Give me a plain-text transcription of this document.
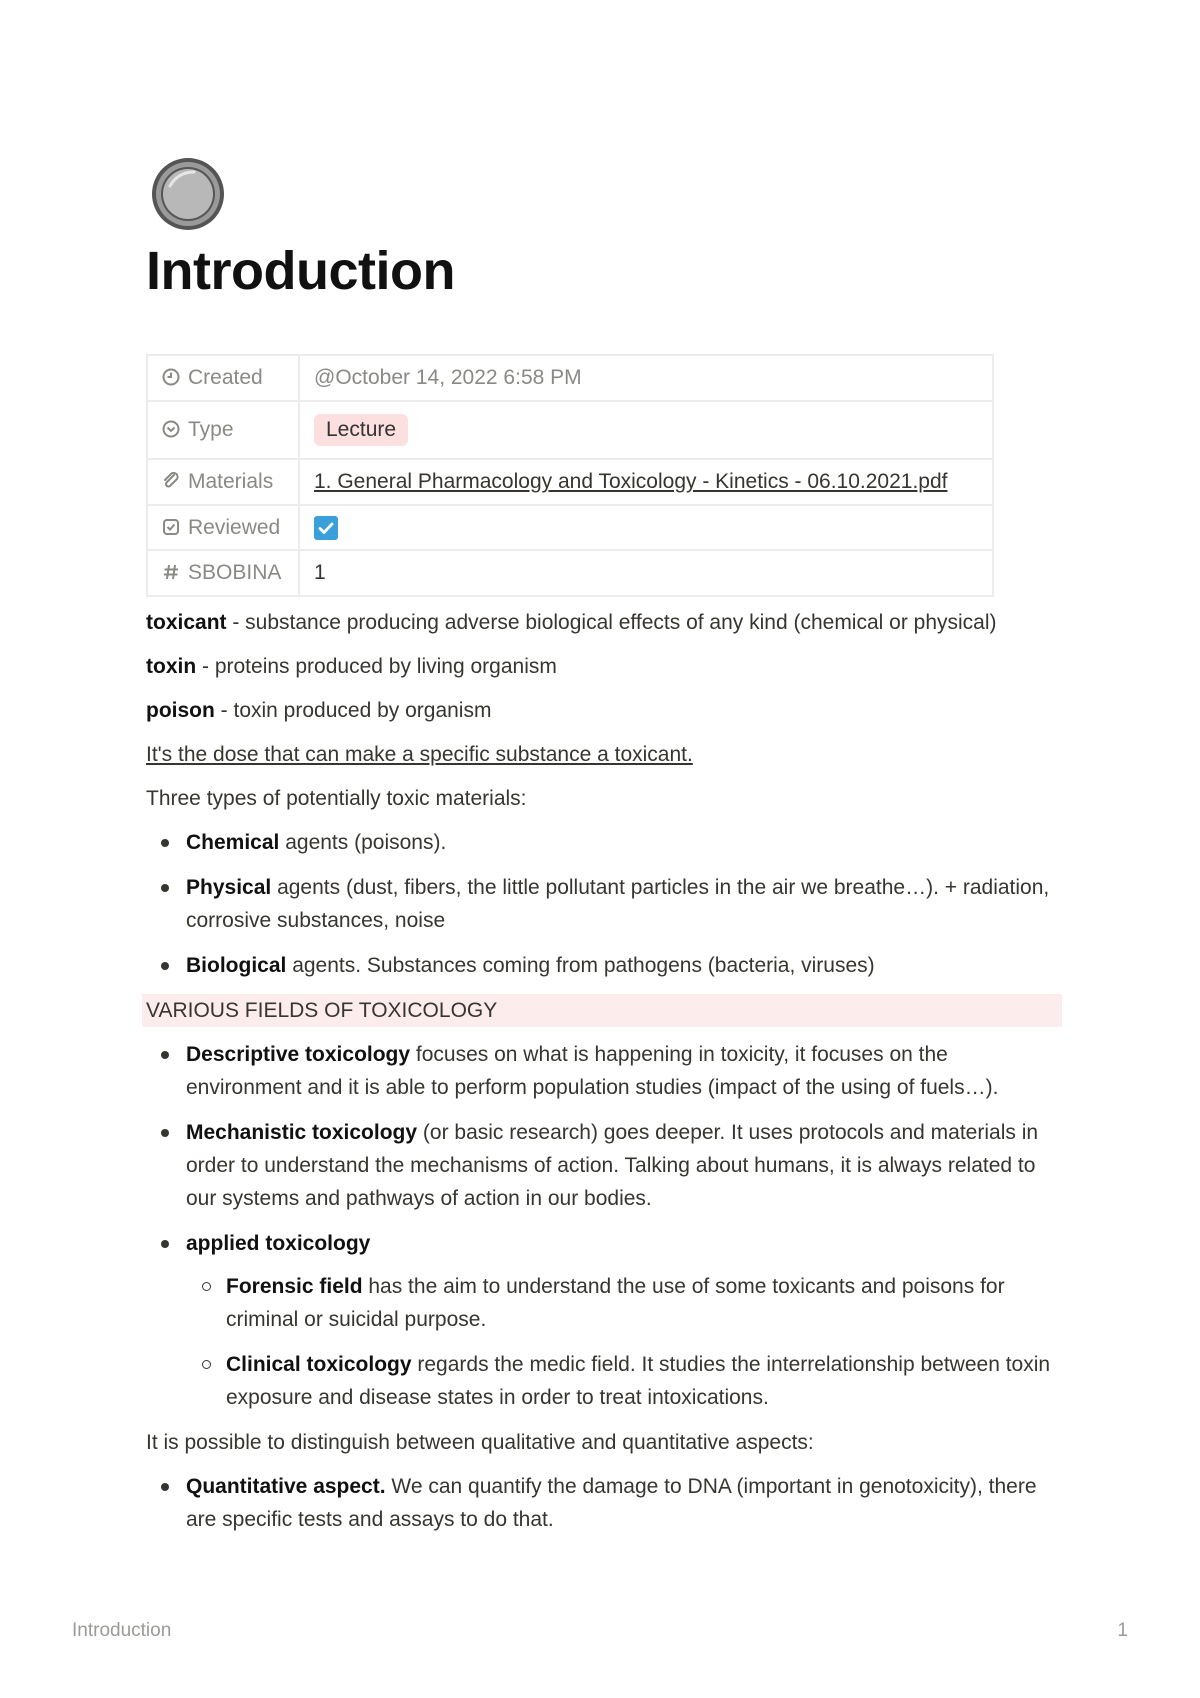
Introduction
Created	@October 14, 2022 6:58 PM
Type	Lecture
Materials	1. General Pharmacology and Toxicology - Kinetics - 06.10.2021.pdf
Reviewed	
SBOBINA	1

toxicant - substance producing adverse biological effects of any kind (chemical or physical)

toxin - proteins produced by living organism

poison - toxin produced by organism

It's the dose that can make a specific substance a toxicant.

Three types of potentially toxic materials:

Chemical agents (poisons).
Physical agents (dust, fibers, the little pollutant particles in the air we breathe…). + radiation, corrosive substances, noise
Biological agents. Substances coming from pathogens (bacteria, viruses)

VARIOUS FIELDS OF TOXICOLOGY

Descriptive toxicology focuses on what is happening in toxicity, it focuses on the environment and it is able to perform population studies (impact of the using of fuels…).
Mechanistic toxicology (or basic research) goes deeper. It uses protocols and materials in order to understand the mechanisms of action. Talking about humans, it is always related to our systems and pathways of action in our bodies.
applied toxicology
Forensic field has the aim to understand the use of some toxicants and poisons for criminal or suicidal purpose.
Clinical toxicology regards the medic field. It studies the interrelationship between toxin exposure and disease states in order to treat intoxications.

It is possible to distinguish between qualitative and quantitative aspects:

Quantitative aspect. We can quantify the damage to DNA (important in genotoxicity), there are specific tests and assays to do that.
Introduction	1
